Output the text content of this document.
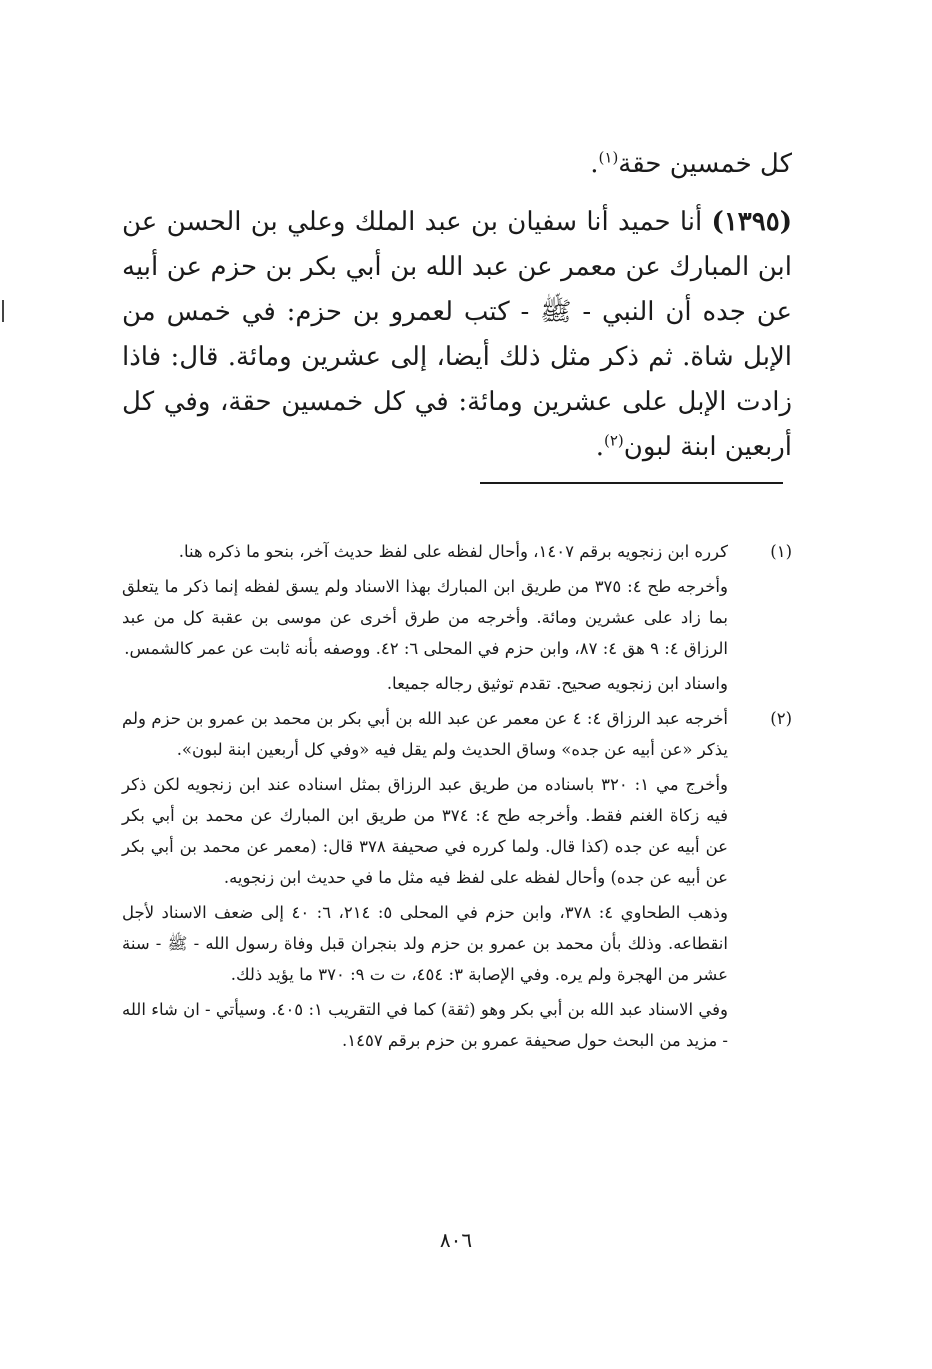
كل خمسين حقة$^{(١)}$.
(١٣٩٥) أنا حميد أنا سفيان بن عبد الملك وعلي بن الحسن عن ابن المبارك عن معمر عن عبد الله بن أبي بكر بن حزم عن أبيه عن جده أن النبي - ﷺ - كتب لعمرو بن حزم: في خمس من الإبل شاة. ثم ذكر مثل ذلك أيضا، إلى عشرين ومائة. قال: فاذا زادت الإبل على عشرين ومائة: في كل خمسين حقة، وفي كل أربعين ابنة لبون$^{(٢)}$.
(١)

كرره ابن زنجويه برقم ١٤٠٧، وأحال لفظه على لفظ حديث آخر، بنحو ما ذكره هنا.

وأخرجه طح ٤: ٣٧٥ من طريق ابن المبارك بهذا الاسناد ولم يسق لفظه إنما ذكر ما يتعلق بما زاد على عشرين ومائة. وأخرجه من طرق أخرى عن موسى بن عقبة كل من عبد الرزاق ٤: ٩ هق ٤: ٨٧، وابن حزم في المحلى ٦: ٤٢. ووصفه بأنه ثابت عن عمر كالشمس.

واسناد ابن زنجويه صحيح. تقدم توثيق رجاله جميعا.

(٢)

أخرجه عبد الرزاق ٤: ٤ عن معمر عن عبد الله بن أبي بكر بن محمد بن عمرو بن حزم ولم يذكر «عن أبيه عن جده» وساق الحديث ولم يقل فيه «وفي كل أربعين ابنة لبون».

وأخرج مي ١: ٣٢٠ باسناده من طريق عبد الرزاق بمثل اسناده عند ابن زنجويه لكن ذكر فيه زكاة الغنم فقط. وأخرجه طح ٤: ٣٧٤ من طريق ابن المبارك عن محمد بن أبي بكر عن أبيه عن جده (كذا قال. ولما كرره في صحيفة ٣٧٨ قال: (معمر عن محمد بن أبي بكر عن أبيه عن جده) وأحال لفظه على لفظ فيه مثل ما في حديث ابن زنجويه.

وذهب الطحاوي ٤: ٣٧٨، وابن حزم في المحلى ٥: ٢١٤، ٦: ٤٠ إلى ضعف الاسناد لأجل انقطاعه. وذلك بأن محمد بن عمرو بن حزم ولد بنجران قبل وفاة رسول الله - ﷺ - سنة عشر من الهجرة ولم يره. وفي الإصابة ٣: ٤٥٤، ت ت ٩: ٣٧٠ ما يؤيد ذلك.

وفي الاسناد عبد الله بن أبي بكر وهو (ثقة) كما في التقريب ١: ٤٠٥. وسيأتي - ان شاء الله - مزيد من البحث حول صحيفة عمرو بن حزم برقم ١٤٥٧.

٨٠٦
